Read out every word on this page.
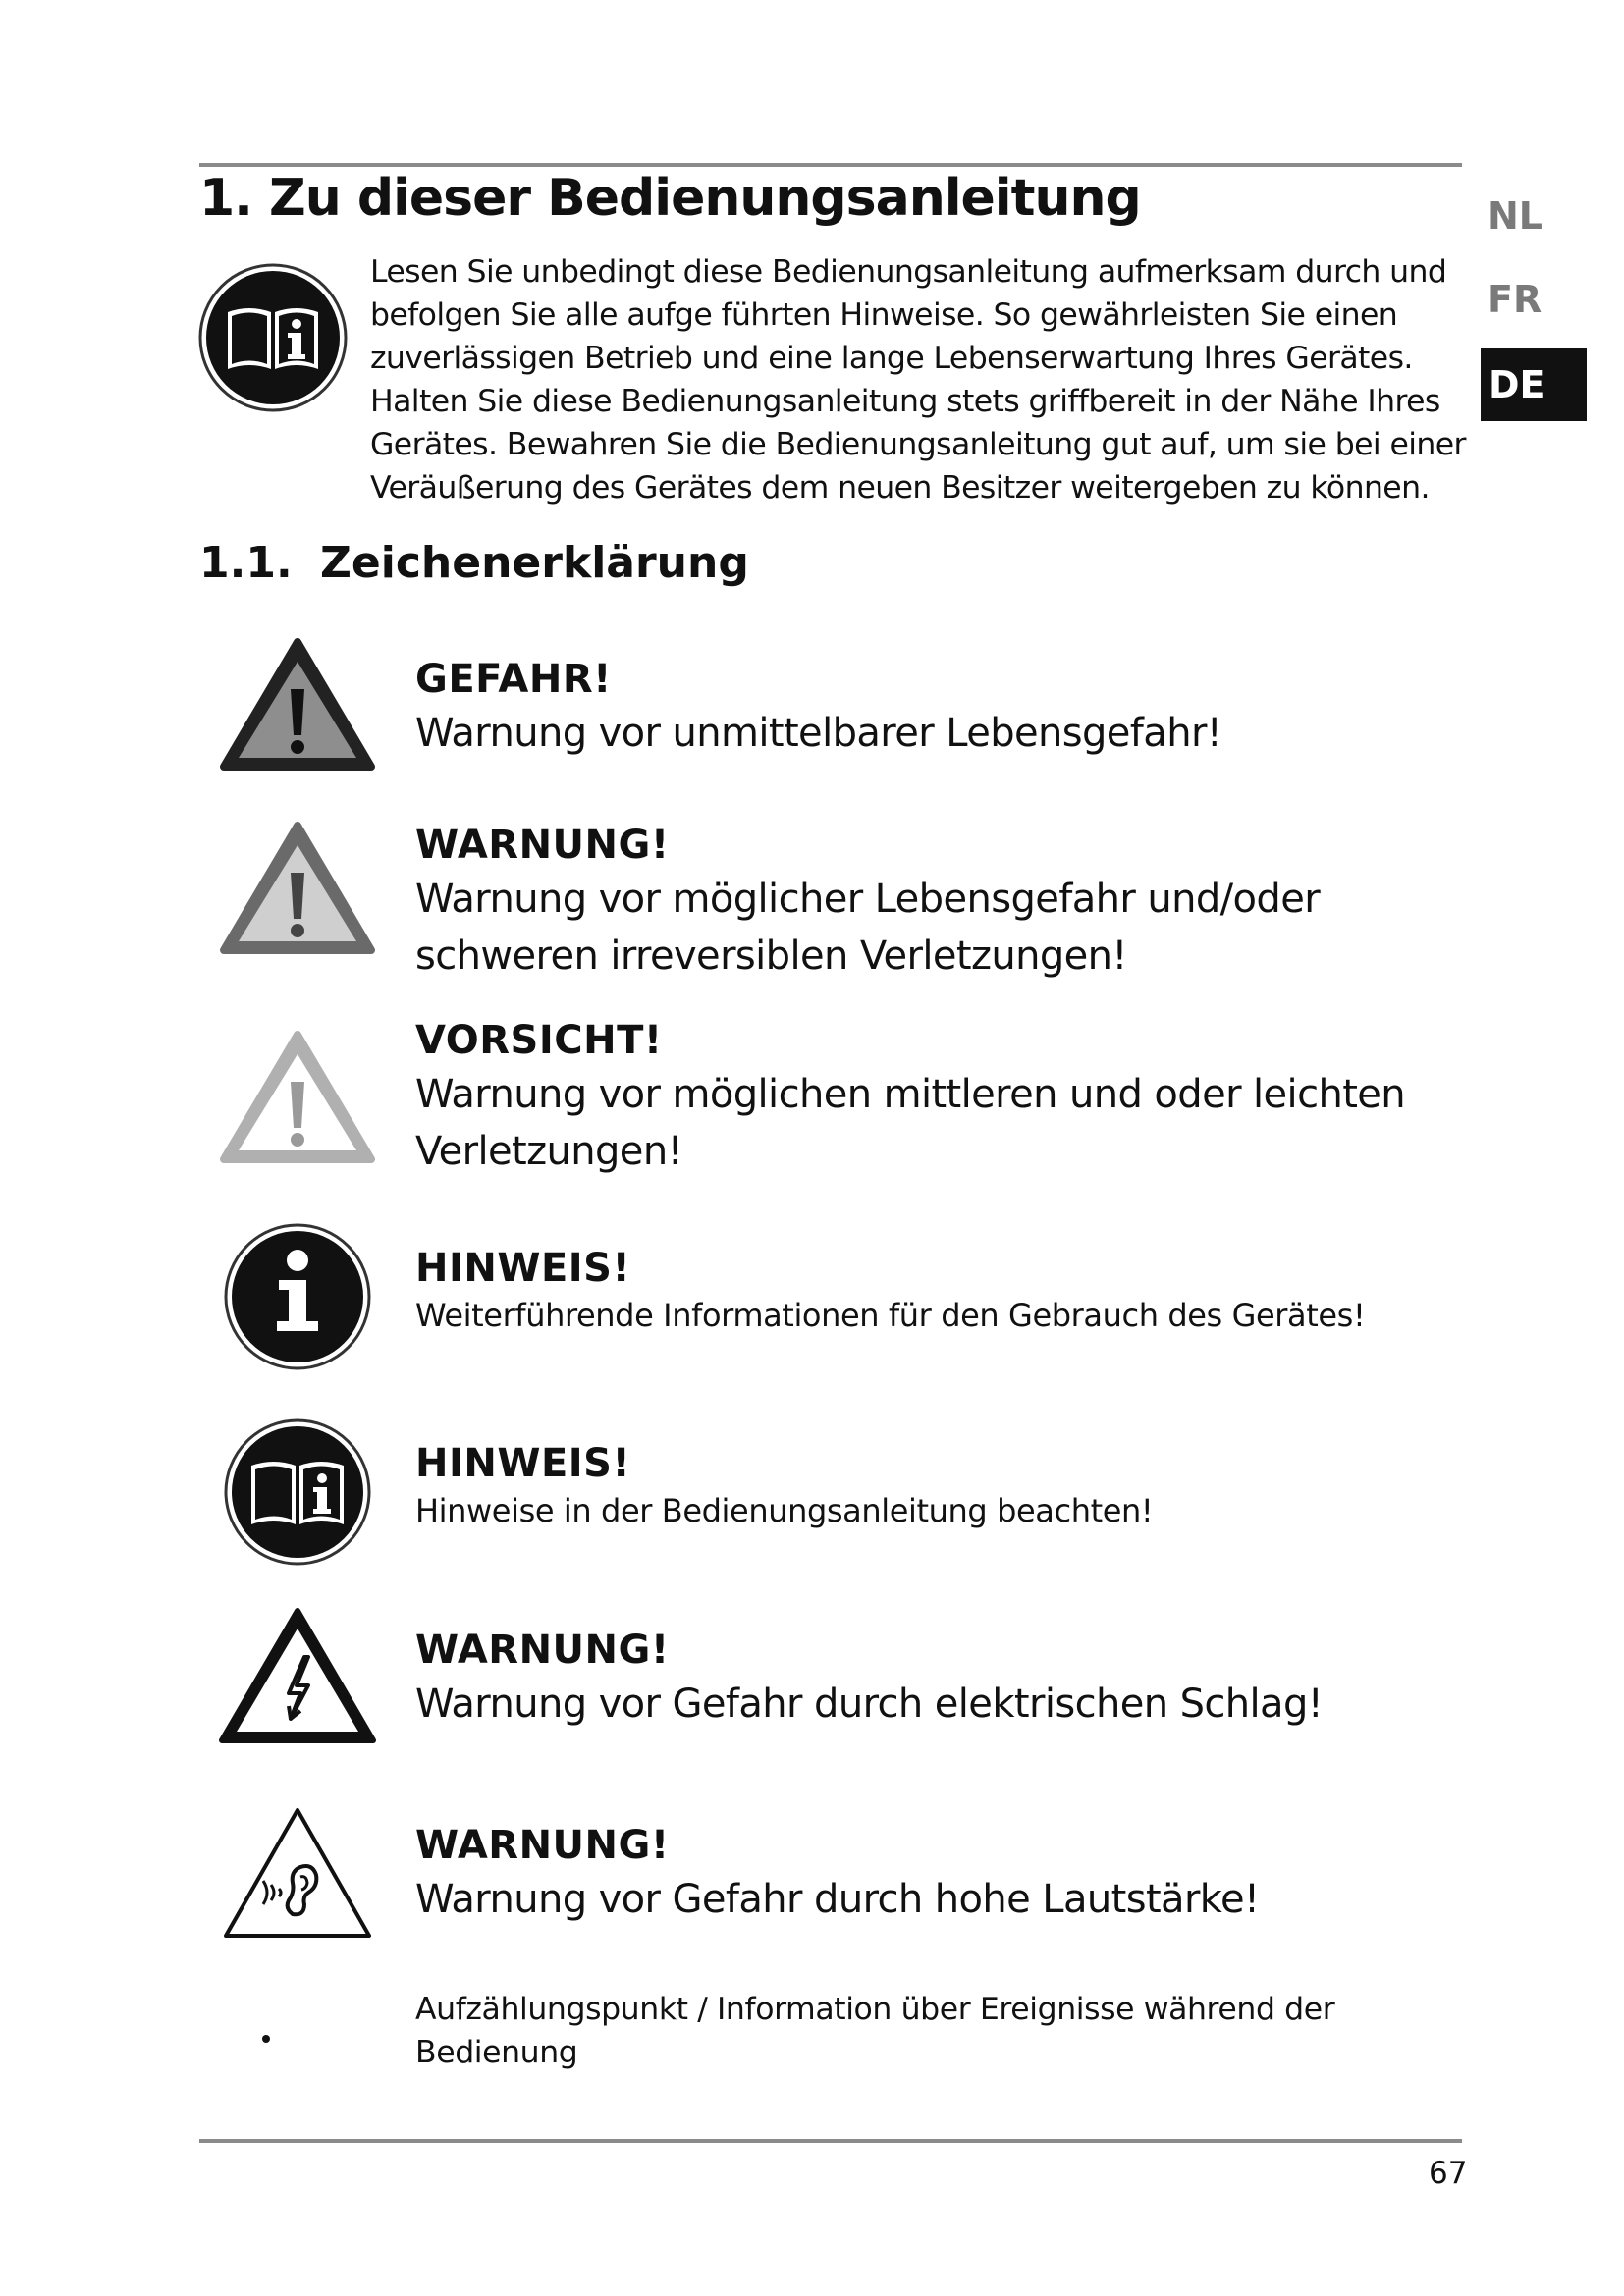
1. Zu dieser Bedienungsanleitung

Lesen Sie unbedingt diese Bedienungsanleitung aufmerksam durch und befolgen Sie alle aufge führten Hinweise. So gewährleisten Sie einen zuverlässigen Betrieb und eine lange Lebenserwartung Ihres Gerätes. Halten Sie diese Bedienungsanleitung stets griffbereit in der Nähe Ihres Gerätes. Bewahren Sie die Bedienungsanleitung gut auf, um sie bei einer Veräußerung des Gerätes dem neuen Besitzer weitergeben zu können.

NL
FR
DE
1.1. Zeichenerklärung

GEFAHR!

Warnung vor unmittelbarer Lebensgefahr!

WARNUNG!

Warnung vor möglicher Lebensgefahr und/oder schweren irreversiblen Verletzungen!

VORSICHT!

Warnung vor möglichen mittleren und oder leichten Verletzungen!

HINWEIS!

Weiterführende Informationen für den Gebrauch des Gerätes!

HINWEIS!

Hinweise in der Bedienungsanleitung beachten!

WARNUNG!

Warnung vor Gefahr durch elektrischen Schlag!

WARNUNG!

Warnung vor Gefahr durch hohe Lautstärke!

Aufzählungspunkt / Information über Ereignisse während der Bedienung

67
